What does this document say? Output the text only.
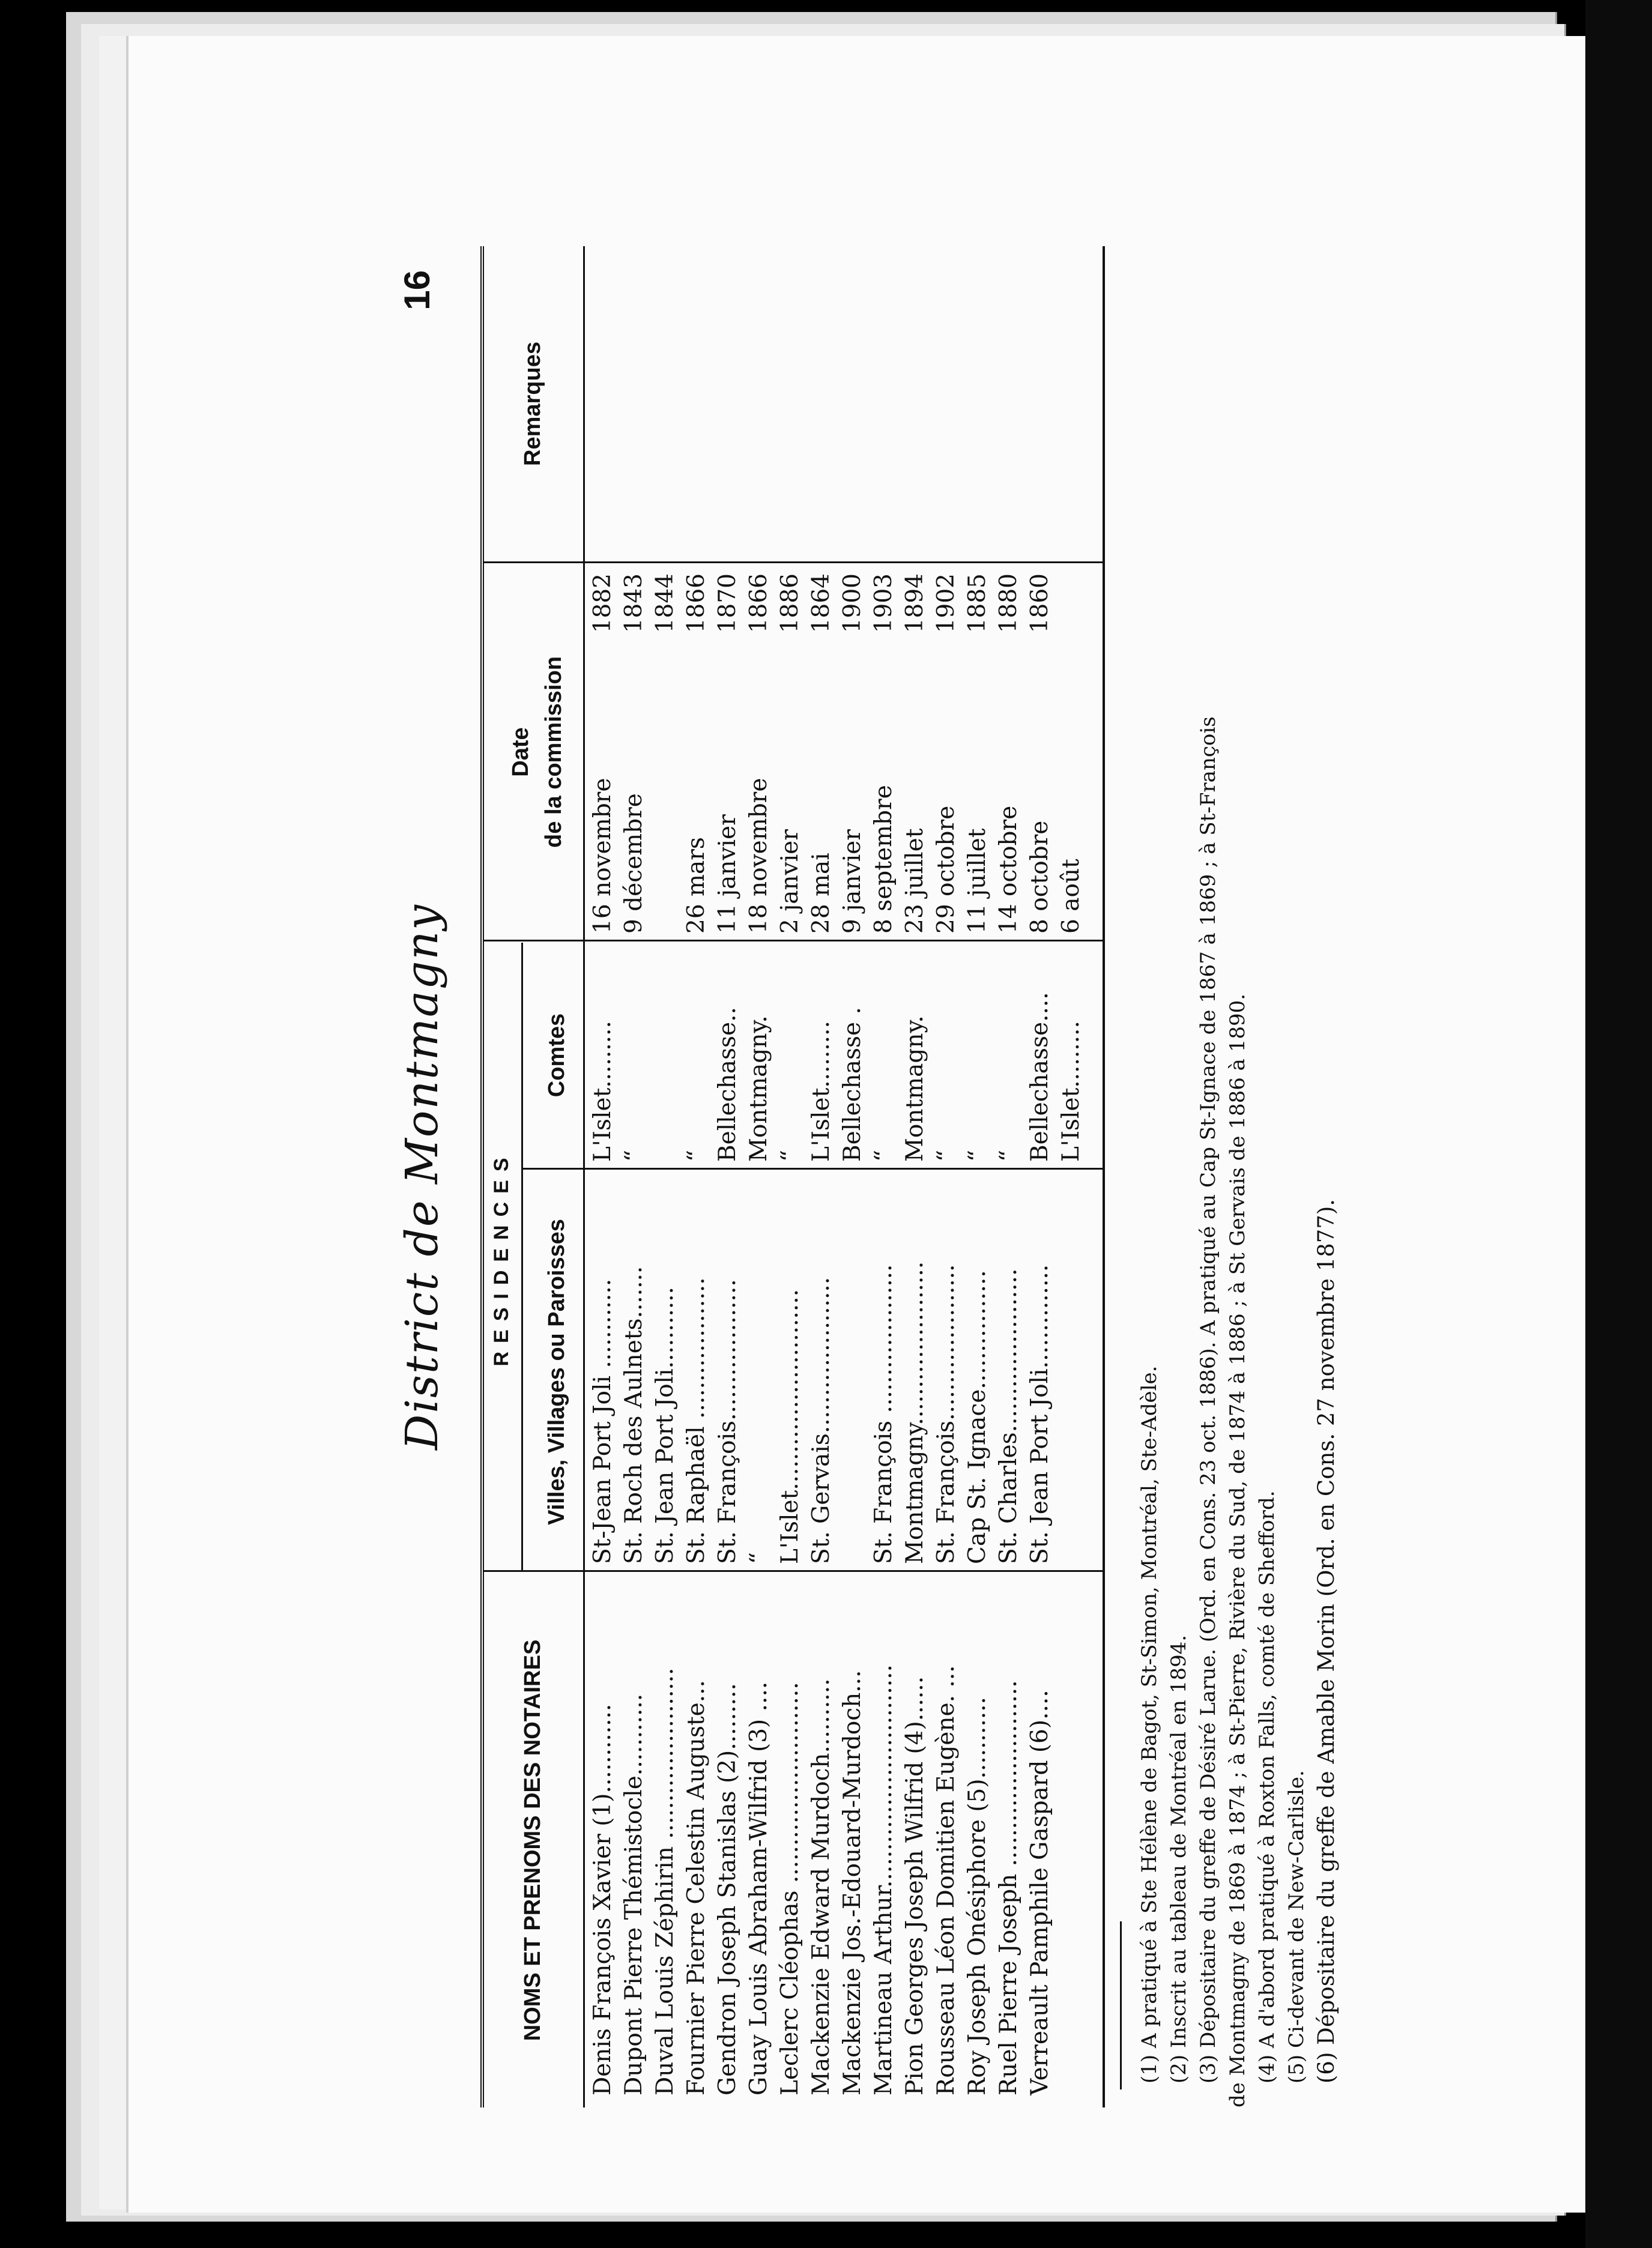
District de Montmagny
16
NOMS ET PRENOMS DES NOTAIRES
RESIDENCES Villes, Villages ou Paroisses
Comtes
Date de la commission
Remarques
Denis François Xavier (1)............
St-Jean Port Joli ............
L'Islet.........
16 novembre
1882
Dupont Pierre Thémistocle...........
St. Roch des Aulnets.......
“
9 décembre
1843
Duval Louis Zéphirin .......................
St. Jean Port Joli...........
1844
Fournier Pierre Celestin Auguste...
St. Raphaël ...................
“
26 mars
1866
Gendron Joseph Stanislas (2).........
St. François...................
Bellechasse..
11 janvier
1870
Guay Louis Abraham-Wilfrid (3) ....
“
Montmagny.
18 novembre
1866
Leclerc Cléophas ...........................
L'Islet...........................
“
2 janvier
1886
Mackenzie Edward Murdoch..........
St. Gervais.....................
L'Islet.........
28 mai
1864
Mackenzie Jos.-Edouard-Murdoch...
Bellechasse .
9 janvier
1900
Martineau Arthur..............................
St. François ....................
“
8 septembre
1903
Pion Georges Joseph Wilfrid (4)......
Montmagny......................
Montmagny.
23 juillet
1894
Rousseau Léon Domitien Eugène. ...
St. François.....................
“
29 octobre
1902
Roy Joseph Onésiphore (5)...........
Cap St. Ignace................
“
11 juillet
1885
Ruel Pierre Joseph .........................
St. Charles......................
“
14 octobre
1880
Verreault Pamphile Gaspard (6)....
St. Jean Port Joli..............
Bellechasse....
8 octobre
1860
L'Islet.........
6 août
(1) A pratiqué à Ste Hélène de Bagot, St-Simon, Montréal, Ste-Adèle. (2) Inscrit au tableau de Montréal en 1894. (3) Dépositaire du greffe de Désiré Larue. (Ord. en Cons. 23 oct. 1886). A pratiqué au Cap St-Ignace de 1867 à 1869 ; à St-François de Montmagny de 1869 à 1874 ; à St-Pierre, Rivière du Sud, de 1874 à 1886 ; à St Gervais de 1886 à 1890. (4) A d'abord pratiqué à Roxton Falls, comté de Shefford. (5) Ci-devant de New-Carlisle. (6) Dépositaire du greffe de Amable Morin (Ord. en Cons. 27 novembre 1877).
